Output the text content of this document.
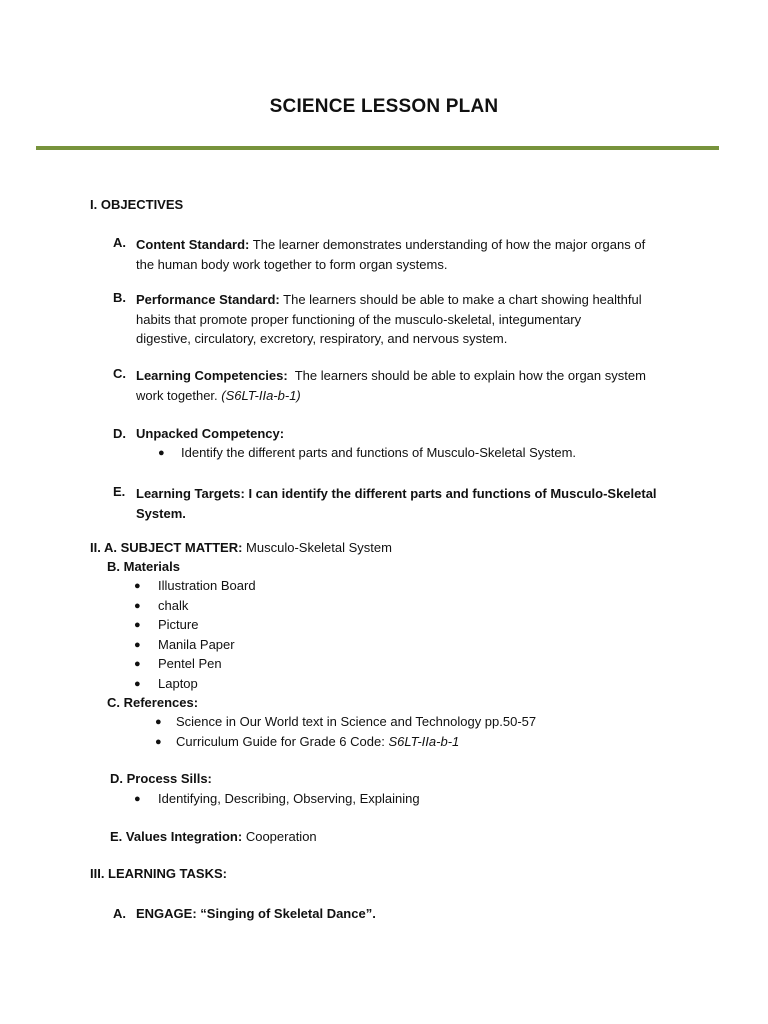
SCIENCE LESSON PLAN
I. OBJECTIVES
A. Content Standard: The learner demonstrates understanding of how the major organs of
the human body work together to form organ systems.
B. Performance Standard: The learners should be able to make a chart showing healthful
habits that promote proper functioning of the musculo-skeletal, integumentary
digestive, circulatory, excretory, respiratory, and nervous system.
C. Learning Competencies: The learners should be able to explain how the organ system
work together. (S6LT-IIa-b-1)
D. Unpacked Competency:
● Identify the different parts and functions of Musculo-Skeletal System.
E. Learning Targets: I can identify the different parts and functions of Musculo-Skeletal
System.
II. A. SUBJECT MATTER: Musculo-Skeletal System
B. Materials
● Illustration Board
● chalk
● Picture
● Manila Paper
● Pentel Pen
● Laptop
C. References:
● Science in Our World text in Science and Technology pp.50-57
● Curriculum Guide for Grade 6 Code: S6LT-IIa-b-1
D. Process Sills:
● Identifying, Describing, Observing, Explaining
E. Values Integration: Cooperation
III. LEARNING TASKS:
A. ENGAGE: “Singing of Skeletal Dance”.
